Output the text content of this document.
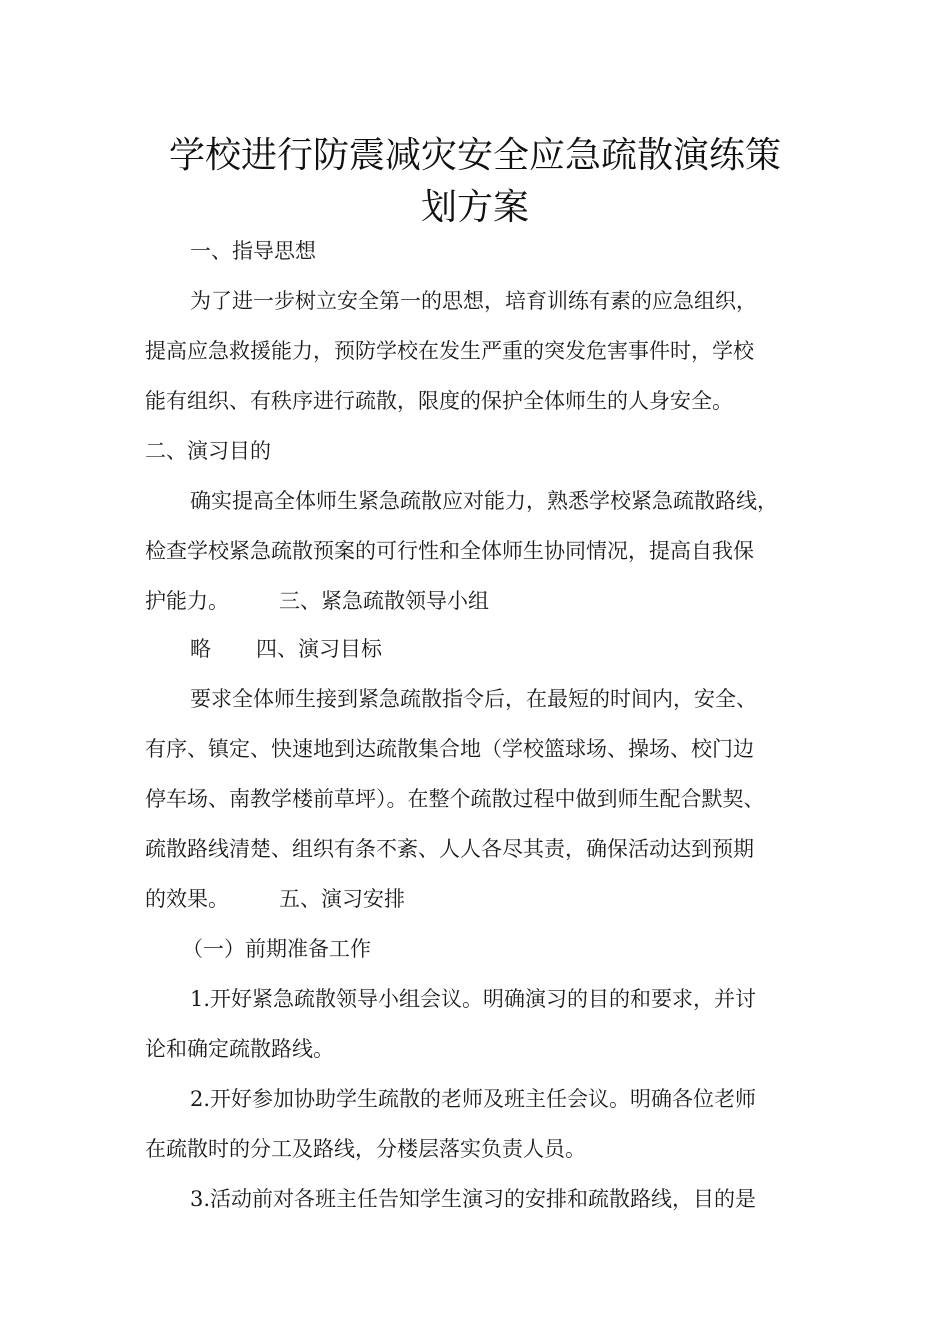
学校进行防震减灾安全应急疏散演练策
划方案
一、指导思想
为了进一步树立安全第一的思想，培育训练有素的应急组织，
提高应急救援能力，预防学校在发生严重的突发危害事件时，学校
能有组织、有秩序进行疏散，限度的保护全体师生的人身安全。
二、演习目的
确实提高全体师生紧急疏散应对能力，熟悉学校紧急疏散路线，
检查学校紧急疏散预案的可行性和全体师生协同情况，提高自我保
护能力。 三、紧急疏散领导小组
略 四、演习目标
要求全体师生接到紧急疏散指令后，在最短的时间内，安全、
有序、镇定、快速地到达疏散集合地（学校篮球场、操场、校门边
停车场、南教学楼前草坪）。在整个疏散过程中做到师生配合默契、
疏散路线清楚、组织有条不紊、人人各尽其责，确保活动达到预期
的效果。 五、演习安排
（一）前期准备工作
1.开好紧急疏散领导小组会议。明确演习的目的和要求，并讨
论和确定疏散路线。
2.开好参加协助学生疏散的老师及班主任会议。明确各位老师
在疏散时的分工及路线，分楼层落实负责人员。
3.活动前对各班主任告知学生演习的安排和疏散路线，目的是
